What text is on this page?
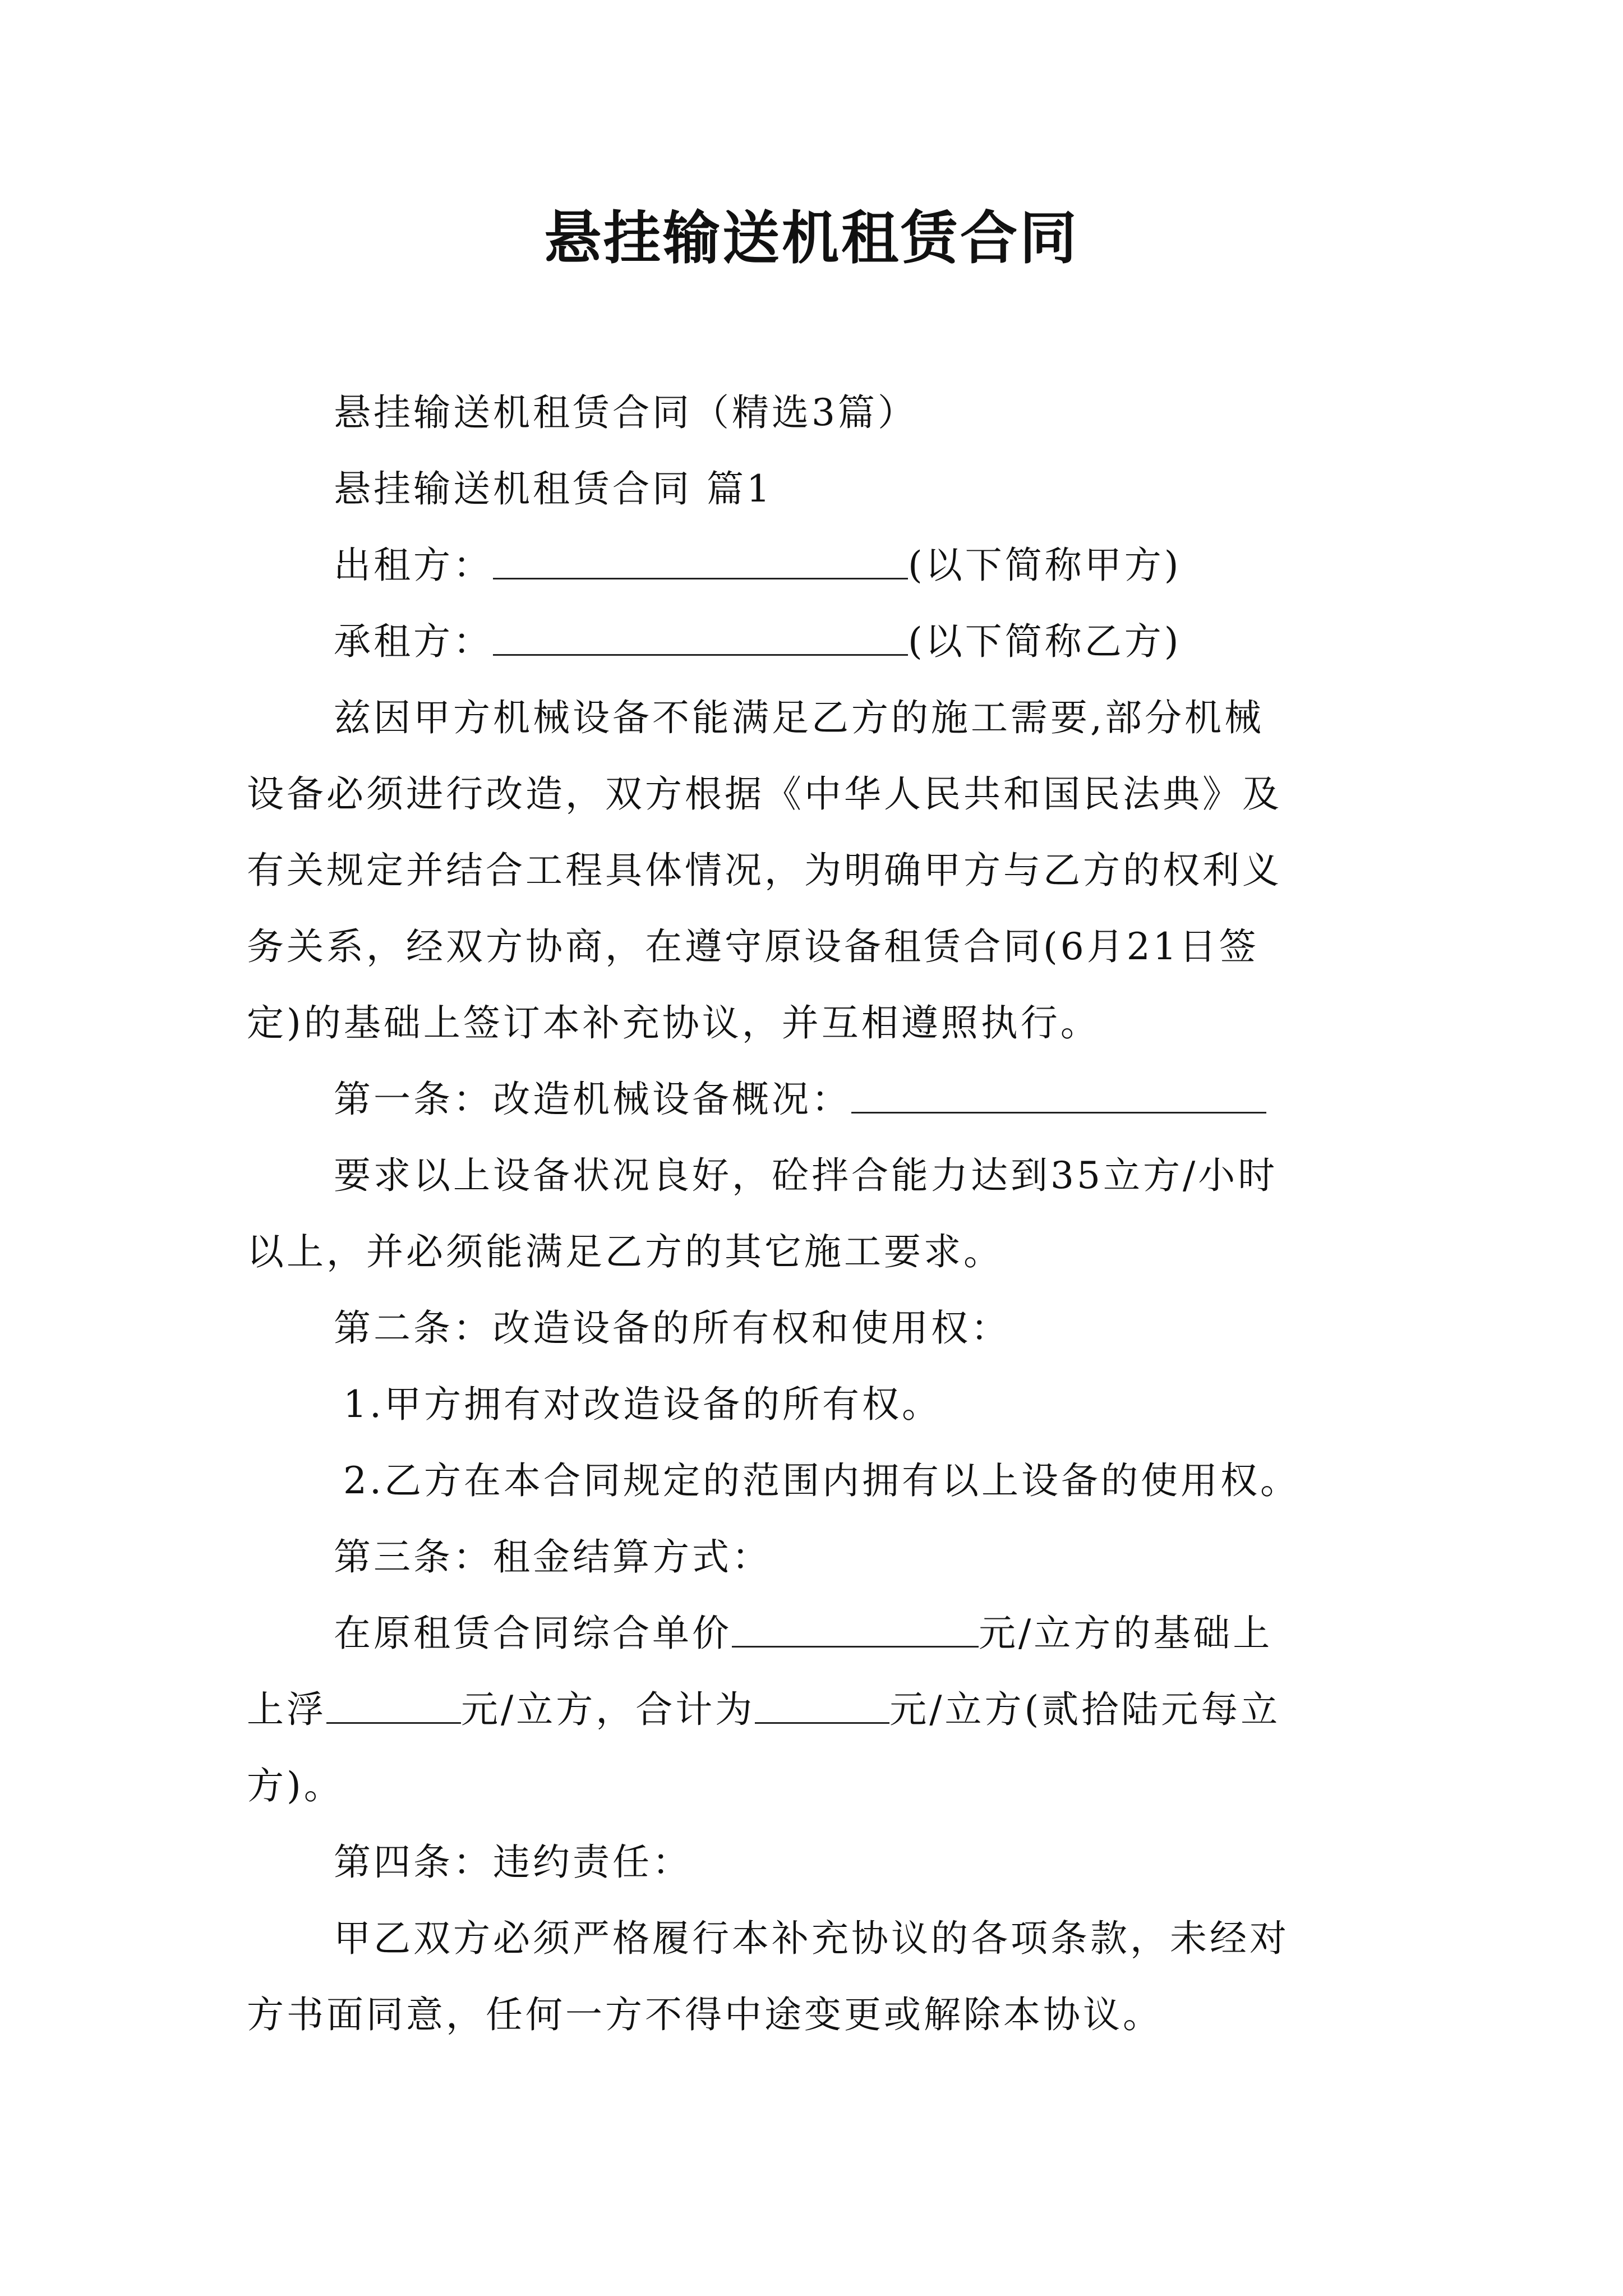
悬挂输送机租赁合同

悬挂输送机租赁合同（精选3篇）

悬挂输送机租赁合同 篇1

出租方：	(以下简称甲方)

承租方：	(以下简称乙方)

兹因甲方机械设备不能满足乙方的施工需要,部分机械

设备必须进行改造，双方根据《中华人民共和国民法典》及

有关规定并结合工程具体情况，为明确甲方与乙方的权利义

务关系，经双方协商，在遵守原设备租赁合同(6月21日签

定)的基础上签订本补充协议，并互相遵照执行。

第一条：改造机械设备概况：

要求以上设备状况良好，砼拌合能力达到35立方/小时

以上，并必须能满足乙方的其它施工要求。

第二条：改造设备的所有权和使用权：

1.甲方拥有对改造设备的所有权。

2.乙方在本合同规定的范围内拥有以上设备的使用权。

第三条：租金结算方式：

在原租赁合同综合单价	元/立方的基础上

上浮	元/立方，合计为	元/立方(贰拾陆元每立

方)。

第四条：违约责任：

甲乙双方必须严格履行本补充协议的各项条款，未经对

方书面同意，任何一方不得中途变更或解除本协议。
